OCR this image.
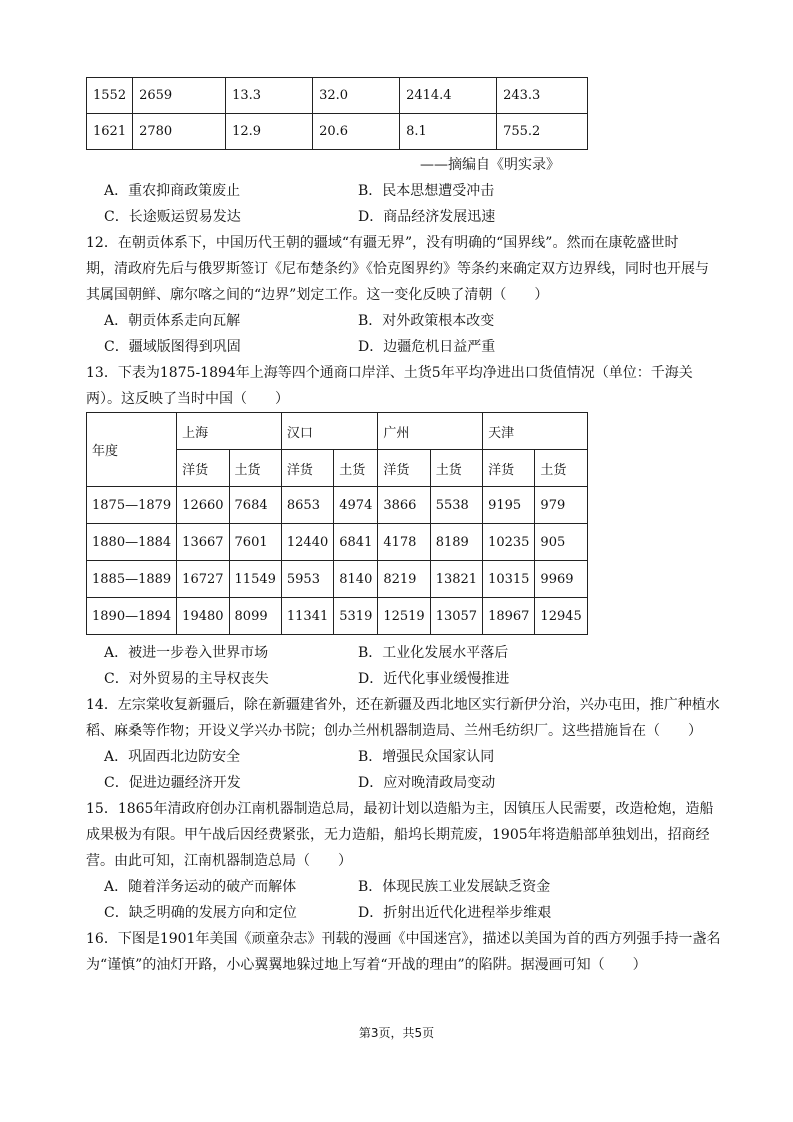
1552	2659	13.3	32.0	2414.4	243.3
1621	2780	12.9	20.6	8.1	755.2
——摘编自《明实录》
A．重农抑商政策废止	B．民本思想遭受冲击
C．长途贩运贸易发达	D．商品经济发展迅速
12．在朝贡体系下，中国历代王朝的疆域“有疆无界”，没有明确的“国界线”。然而在康乾盛世时
期，清政府先后与俄罗斯签订《尼布楚条约》《恰克图界约》等条约来确定双方边界线，同时也开展与
其属国朝鲜、廓尔喀之间的“边界”划定工作。这一变化反映了清朝（　　）
A．朝贡体系走向瓦解	B．对外政策根本改变
C．疆域版图得到巩固	D．边疆危机日益严重
13．下表为1875-1894年上海等四个通商口岸洋、土货5年平均净进出口货值情况（单位：千海关
两）。这反映了当时中国（　　）
年度	上海		汉口		广州		天津	
	洋货	土货	洋货	土货	洋货	土货	洋货	土货
1875—1879	12660	7684	8653	4974	3866	5538	9195	979
1880—1884	13667	7601	12440	6841	4178	8189	10235	905
1885—1889	16727	11549	5953	8140	8219	13821	10315	9969
1890—1894	19480	8099	11341	5319	12519	13057	18967	12945
A．被进一步卷入世界市场	B．工业化发展水平落后
C．对外贸易的主导权丧失	D．近代化事业缓慢推进
14．左宗棠收复新疆后，除在新疆建省外，还在新疆及西北地区实行新伊分治，兴办屯田，推广种植水
稻、麻桑等作物；开设义学兴办书院；创办兰州机器制造局、兰州毛纺织厂。这些措施旨在（　　）
A．巩固西北边防安全	B．增强民众国家认同
C．促进边疆经济开发	D．应对晚清政局变动
15．1865年清政府创办江南机器制造总局，最初计划以造船为主，因镇压人民需要，改造枪炮，造船
成果极为有限。甲午战后因经费紧张，无力造船，船坞长期荒废，1905年将造船部单独划出，招商经
营。由此可知，江南机器制造总局（　　）
A．随着洋务运动的破产而解体	B．体现民族工业发展缺乏资金
C．缺乏明确的发展方向和定位	D．折射出近代化进程举步维艰
16．下图是1901年美国《顽童杂志》刊载的漫画《中国迷宫》，描述以美国为首的西方列强手持一盏名
为“谨慎”的油灯开路，小心翼翼地躲过地上写着“开战的理由”的陷阱。据漫画可知（　　）
第3页，共5页
